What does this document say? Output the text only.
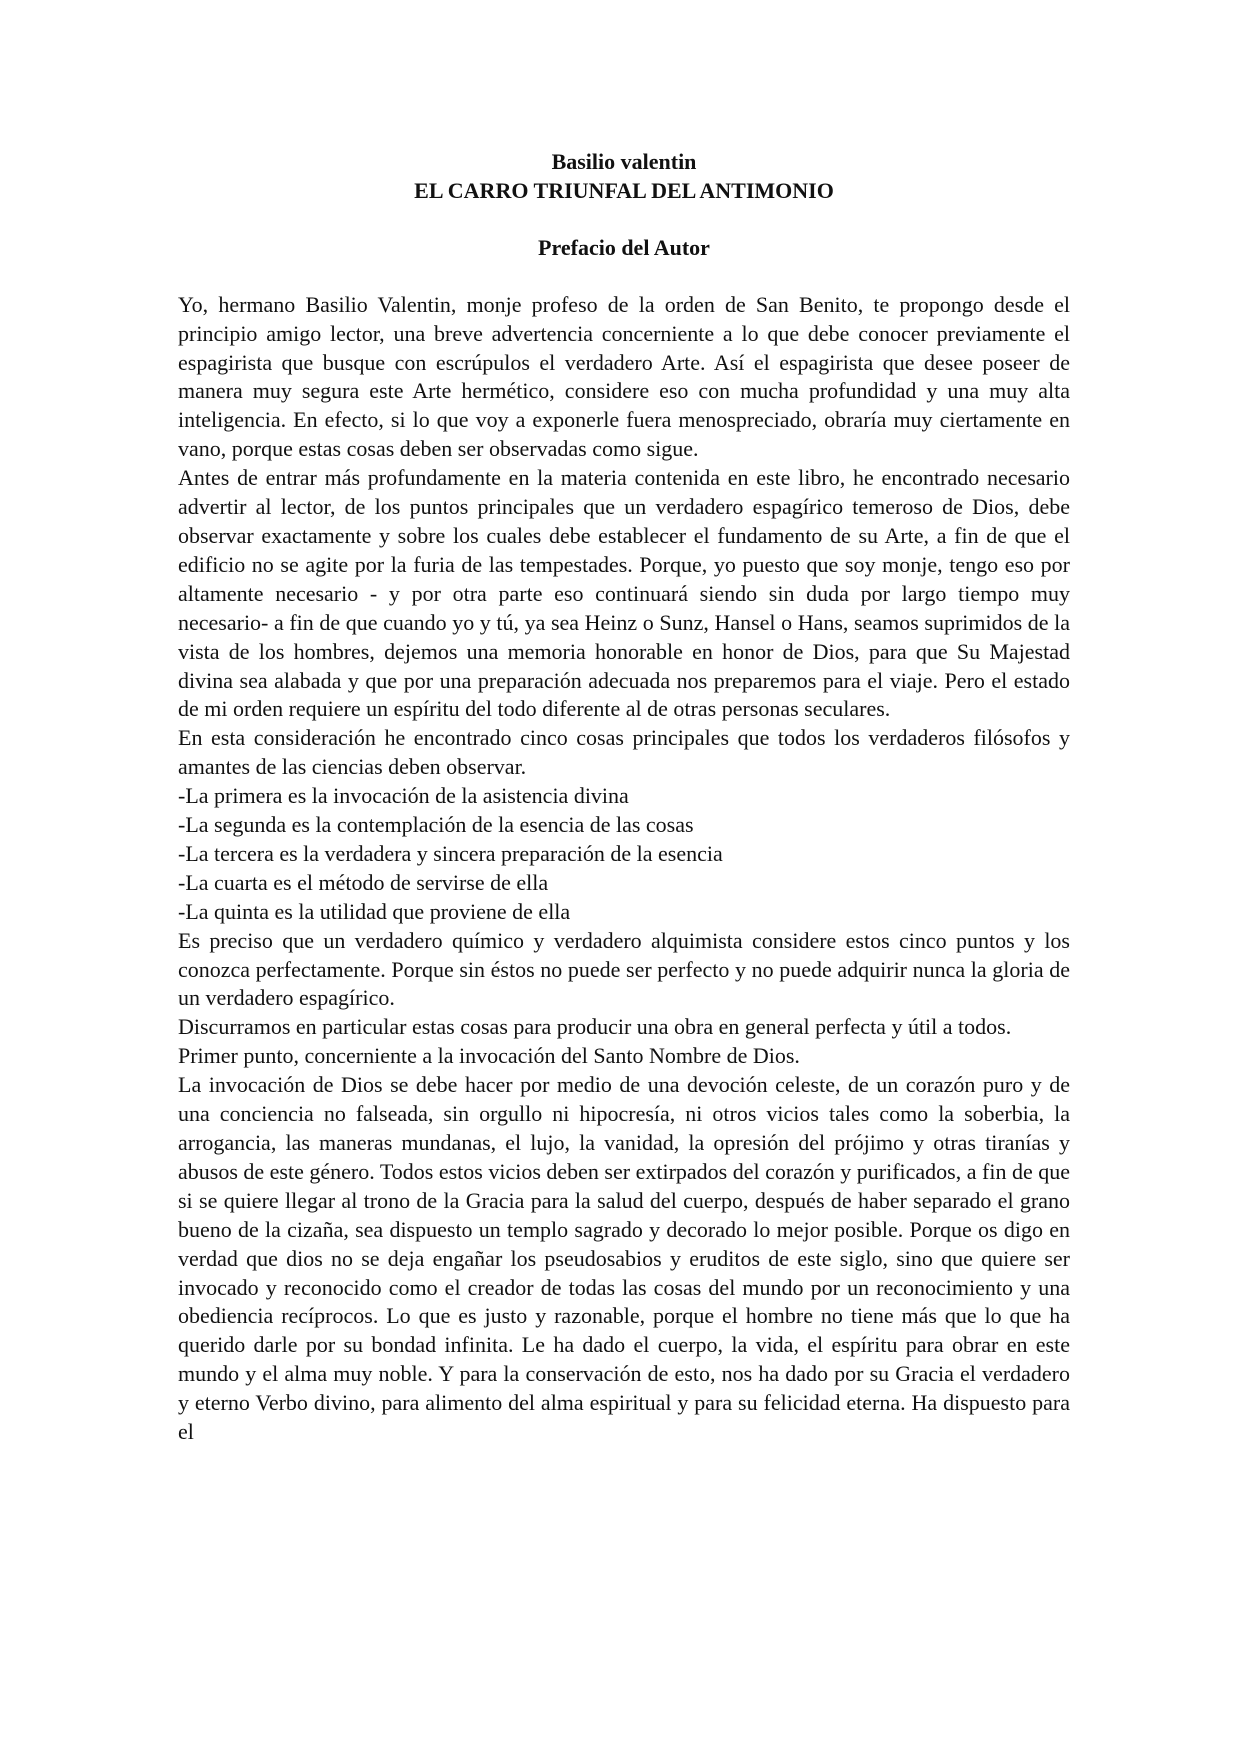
Basilio valentin

EL CARRO TRIUNFAL DEL ANTIMONIO

Prefacio del Autor

Yo, hermano Basilio Valentin, monje profeso de la orden de San Benito, te propongo desde el principio amigo lector, una breve advertencia concerniente a lo que debe conocer previamente el espagirista que busque con escrúpulos el verdadero Arte. Así el espagirista que desee poseer de manera muy segura este Arte hermético, considere eso con mucha profundidad y una muy alta inteligencia. En efecto, si lo que voy a exponerle fuera menospreciado, obraría muy ciertamente en vano, porque estas cosas deben ser observadas como sigue.

Antes de entrar más profundamente en la materia contenida en este libro, he encontrado necesario advertir al lector, de los puntos principales que un verdadero espagírico temeroso de Dios, debe observar exactamente y sobre los cuales debe establecer el fundamento de su Arte, a fin de que el edificio no se agite por la furia de las tempestades. Porque, yo puesto que soy monje, tengo eso por altamente necesario - y por otra parte eso continuará siendo sin duda por largo tiempo muy necesario- a fin de que cuando yo y tú, ya sea Heinz o Sunz, Hansel o Hans, seamos suprimidos de la vista de los hombres, dejemos una memoria honorable en honor de Dios, para que Su Majestad divina sea alabada y que por una preparación adecuada nos preparemos para el viaje. Pero el estado de mi orden requiere un espíritu del todo diferente al de otras personas seculares.

En esta consideración he encontrado cinco cosas principales que todos los verdaderos filósofos y amantes de las ciencias deben observar.

-La primera es la invocación de la asistencia divina

-La segunda es la contemplación de la esencia de las cosas

-La tercera es la verdadera y sincera preparación de la esencia

-La cuarta es el método de servirse de ella

-La quinta es la utilidad que proviene de ella

Es preciso que un verdadero químico y verdadero alquimista considere estos cinco puntos y los conozca perfectamente. Porque sin éstos no puede ser perfecto y no puede adquirir nunca la gloria de un verdadero espagírico.

Discurramos en particular estas cosas para producir una obra en general perfecta y útil a todos.

Primer punto, concerniente a la invocación del Santo Nombre de Dios.

La invocación de Dios se debe hacer por medio de una devoción celeste, de un corazón puro y de una conciencia no falseada, sin orgullo ni hipocresía, ni otros vicios tales como la soberbia, la arrogancia, las maneras mundanas, el lujo, la vanidad, la opresión del prójimo y otras tiranías y abusos de este género. Todos estos vicios deben ser extirpados del corazón y purificados, a fin de que si se quiere llegar al trono de la Gracia para la salud del cuerpo, después de haber separado el grano bueno de la cizaña, sea dispuesto un templo sagrado y decorado lo mejor posible. Porque os digo en verdad que dios no se deja engañar los pseudosabios y eruditos de este siglo, sino que quiere ser invocado y reconocido como el creador de todas las cosas del mundo por un reconocimiento y una obediencia recíprocos. Lo que es justo y razonable, porque el hombre no tiene más que lo que ha querido darle por su bondad infinita. Le ha dado el cuerpo, la vida, el espíritu para obrar en este mundo y el alma muy noble. Y para la conservación de esto, nos ha dado por su Gracia el verdadero y eterno Verbo divino, para alimento del alma espiritual y para su felicidad eterna. Ha dispuesto para el
